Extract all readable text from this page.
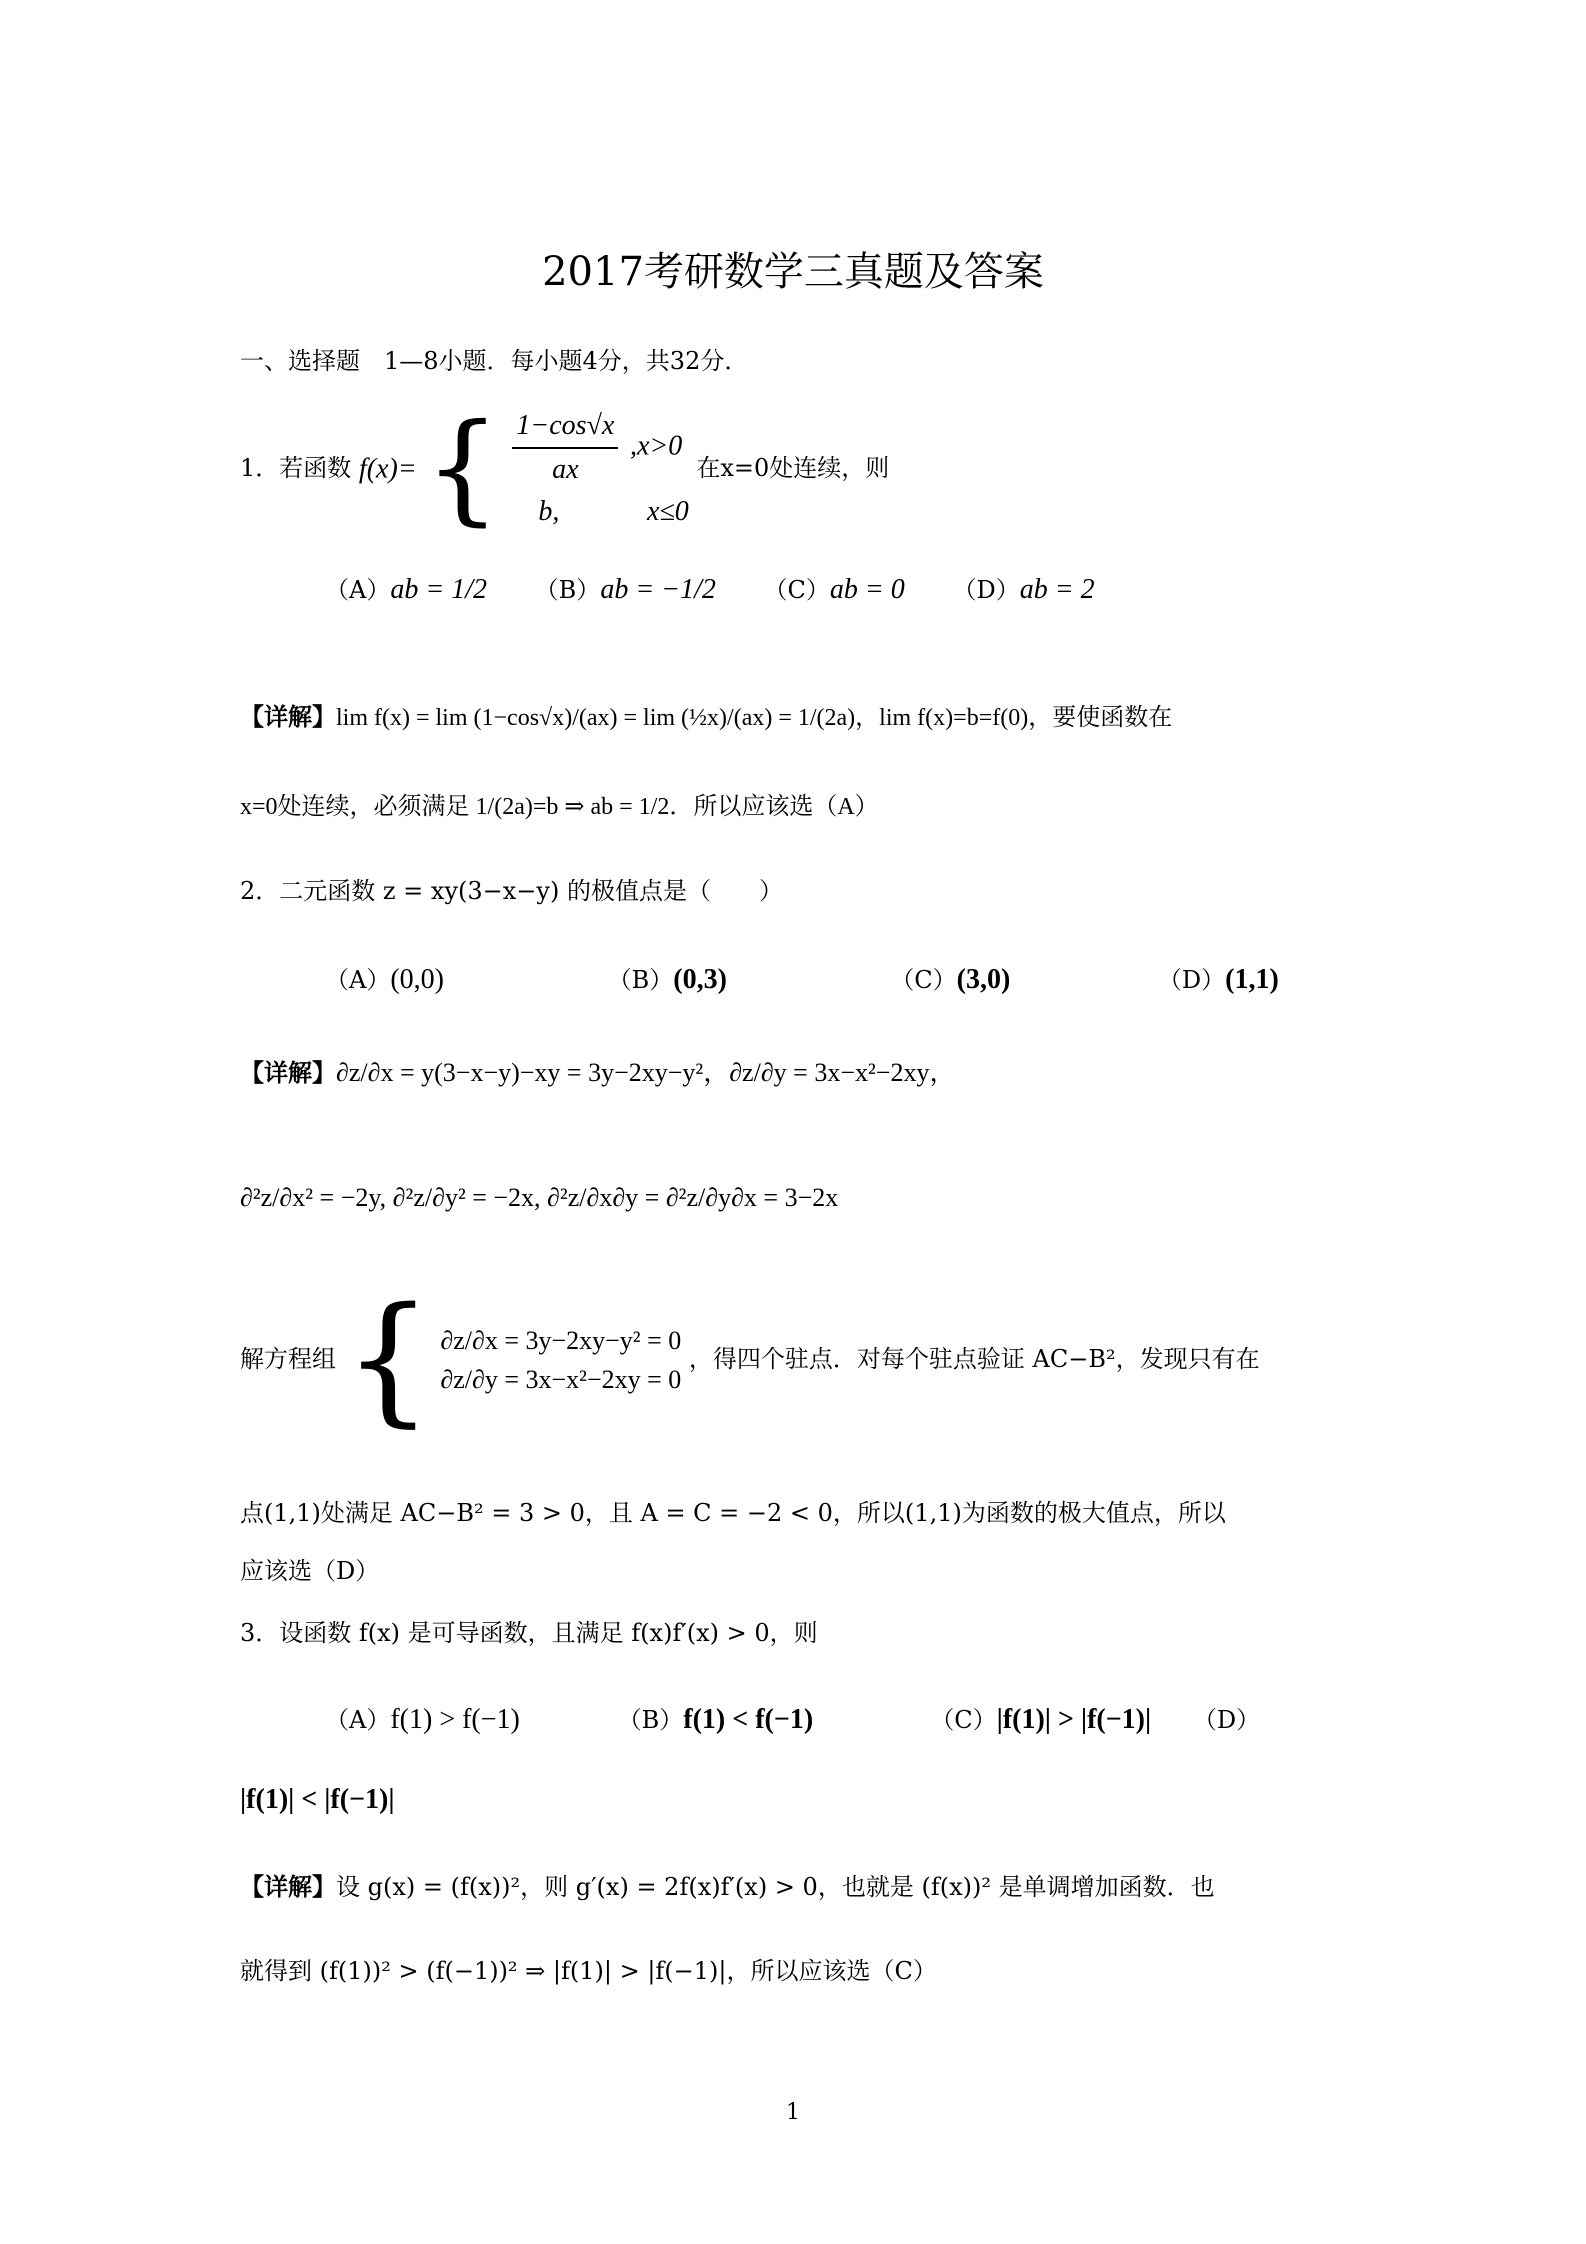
2017考研数学三真题及答案
一、选择题　1—8小题．每小题4分，共32分．
1．若函数 f(x)= { $\frac{1-\cos√x}{ax} ,x>0$
b,	x≤0
在x=0处连续，则
（A）ab = 1/2 （B）ab = −1/2 （C）ab = 0 （D）ab = 2
【详解】lim f(x) = lim (1−cos√x)/(ax) = lim (½x)/(ax) = 1/(2a)，lim f(x)=b=f(0)，要使函数在
x=0处连续，必须满足 1/(2a)=b ⇒ ab = 1/2．所以应该选（A）
2．二元函数 z = xy(3−x−y) 的极值点是（　　）
（A）(0,0)	（B）(0,3)	（C）(3,0)	（D）(1,1)
【详解】∂z/∂x = y(3−x−y)−xy = 3y−2xy−y²，∂z/∂y = 3x−x²−2xy，
∂²z/∂x² = −2y, ∂²z/∂y² = −2x, ∂²z/∂x∂y = ∂²z/∂y∂x = 3−2x
解方程组 { ∂z/∂x = 3y−2xy−y² = 0
∂z/∂y = 3x−x²−2xy = 0
，得四个驻点．对每个驻点验证 AC−B²，发现只有在
点(1,1)处满足 AC−B² = 3 > 0，且 A = C = −2 < 0，所以(1,1)为函数的极大值点，所以
应该选（D）
3．设函数 f(x) 是可导函数，且满足 f(x)f′(x) > 0，则
（A）f(1) > f(−1)	（B）f(1) < f(−1)	（C）|f(1)| > |f(−1)| （D）
|f(1)| < |f(−1)|
【详解】设 g(x) = (f(x))²，则 g′(x) = 2f(x)f′(x) > 0，也就是 (f(x))² 是单调增加函数．也
就得到 (f(1))² > (f(−1))² ⇒ |f(1)| > |f(−1)|，所以应该选（C）
1
